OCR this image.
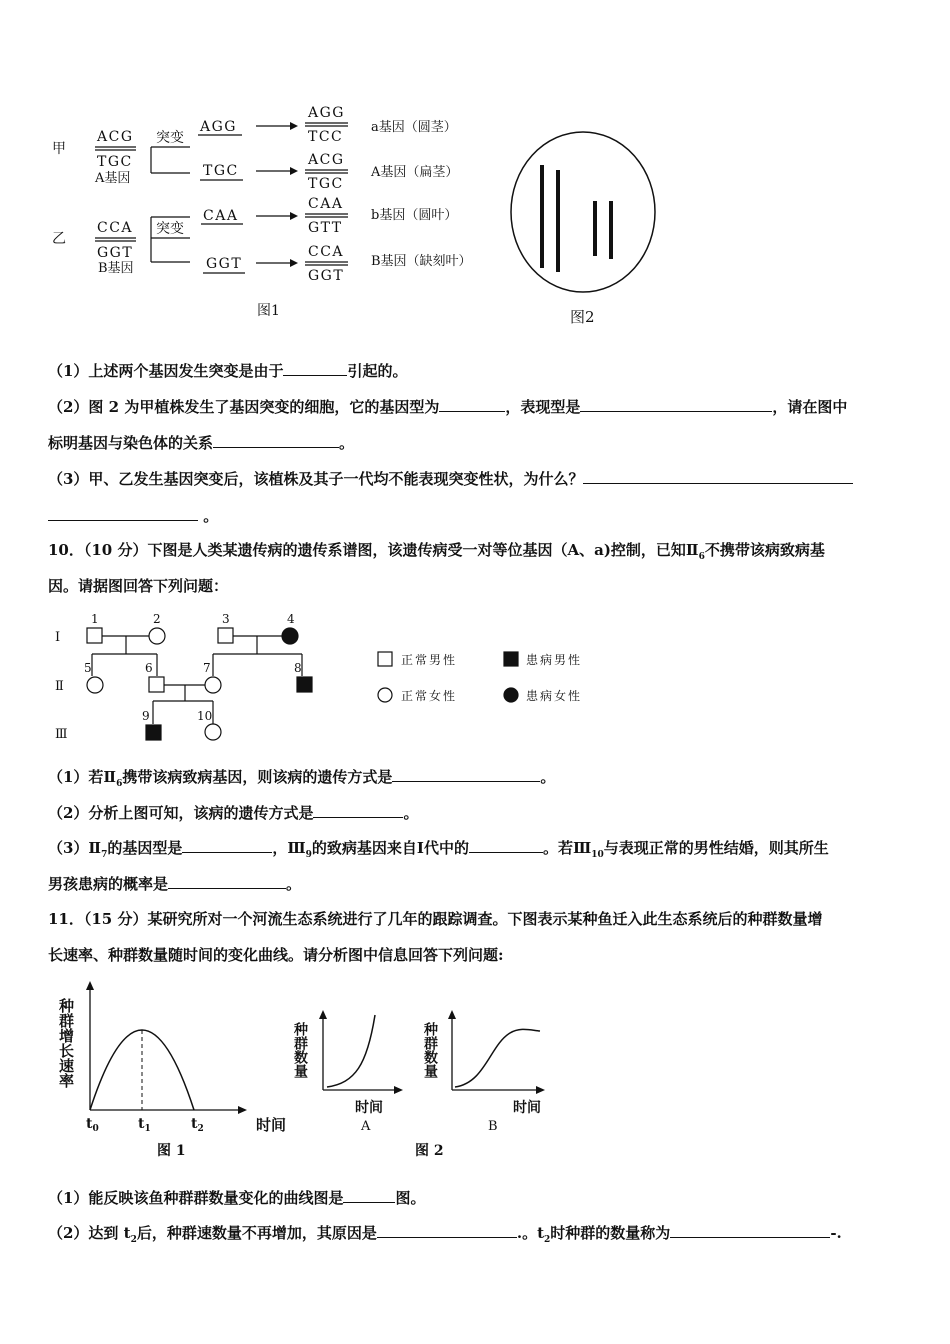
甲
乙
ACG
TGC
A基因
突变
AGG
AGG
TCC
a基因（圆茎）
TGC
ACG
TGC
A基因（扁茎）
CCA
GGT
B基因
突变
CAA
CAA
GTT
b基因（圆叶）
GGT
CCA
GGT
B基因（缺刻叶）
图1	图2
（1）上述两个基因发生突变是由于	引起的。
（2）图 2 为甲植株发生了基因突变的细胞，它的基因型为	，表现型是	，请在图中
标明基因与染色体的关系	。
（3）甲、乙发生基因突变后，该植株及其子一代均不能表现突变性状，为什么？
。
10．（10 分）下图是人类某遗传病的遗传系谱图，该遗传病受一对等位基因（A、a)控制，已知$Ⅱ_6$不携带该病致病基
因。请据图回答下列问题：
Ⅰ
Ⅱ
Ⅲ
1	2	3	4
5	6	7	8
9	10
正常男性	患病男性
正常女性	患病女性
（1）若$Ⅱ_6$携带该病致病基因，则该病的遗传方式是	。
（2）分析上图可知，该病的遗传方式是	。
$(3)Ⅱ_7$的基因型是	，$Ⅲ_9$的致病基因来自Ⅰ代中的	。若$Ⅲ_{10}$与表现正常的男性结婚，则其所生
男孩患病的概率是	。
11．（15 分）某研究所对一个河流生态系统进行了几年的跟踪调查。下图表示某种鱼迁入此生态系统后的种群数量增
长速率、种群数量随时间的变化曲线。请分析图中信息回答下列问题:
种群增长速率
$t_0$	$t_1$	$t_2$	时间
图 1
种群数量
时间
A
种群数量
时间
B
图 2
（1）能反映该鱼种群群数量变化的曲线图是	图。
（2）达到 $t_2$后，种群速数量不再增加，其原因是	.。$t_2$时种群的数量称为	-.
